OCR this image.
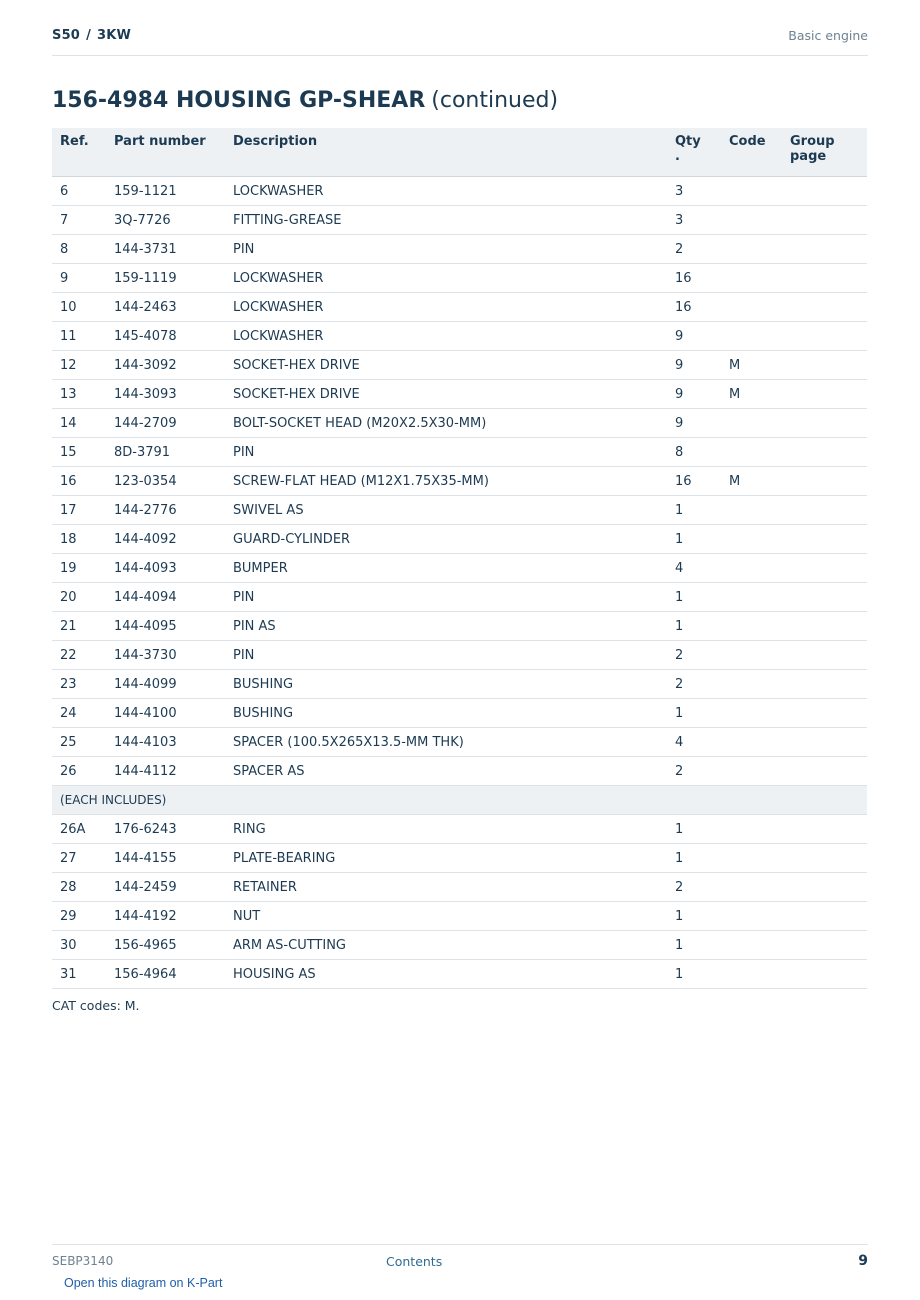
S50 / 3KW	Basic engine
156-4984 HOUSING GP-SHEAR (continued)
Ref.	Part number	Description	Qty .	Code	Group page
6	159-1121	LOCKWASHER	3		
7	3Q-7726	FITTING-GREASE	3		
8	144-3731	PIN	2		
9	159-1119	LOCKWASHER	16		
10	144-2463	LOCKWASHER	16		
11	145-4078	LOCKWASHER	9		
12	144-3092	SOCKET-HEX DRIVE	9	M	
13	144-3093	SOCKET-HEX DRIVE	9	M	
14	144-2709	BOLT-SOCKET HEAD (M20X2.5X30-MM)	9		
15	8D-3791	PIN	8		
16	123-0354	SCREW-FLAT HEAD (M12X1.75X35-MM)	16	M	
17	144-2776	SWIVEL AS	1		
18	144-4092	GUARD-CYLINDER	1		
19	144-4093	BUMPER	4		
20	144-4094	PIN	1		
21	144-4095	PIN AS	1		
22	144-3730	PIN	2		
23	144-4099	BUSHING	2		
24	144-4100	BUSHING	1		
25	144-4103	SPACER (100.5X265X13.5-MM THK)	4		
26	144-4112	SPACER AS	2		
(EACH INCLUDES)					
26A	176-6243	RING	1		
27	144-4155	PLATE-BEARING	1		
28	144-2459	RETAINER	2		
29	144-4192	NUT	1		
30	156-4965	ARM AS-CUTTING	1		
31	156-4964	HOUSING AS	1		
CAT codes: M.
SEBP3140	Contents	9
Open this diagram on K-Part
